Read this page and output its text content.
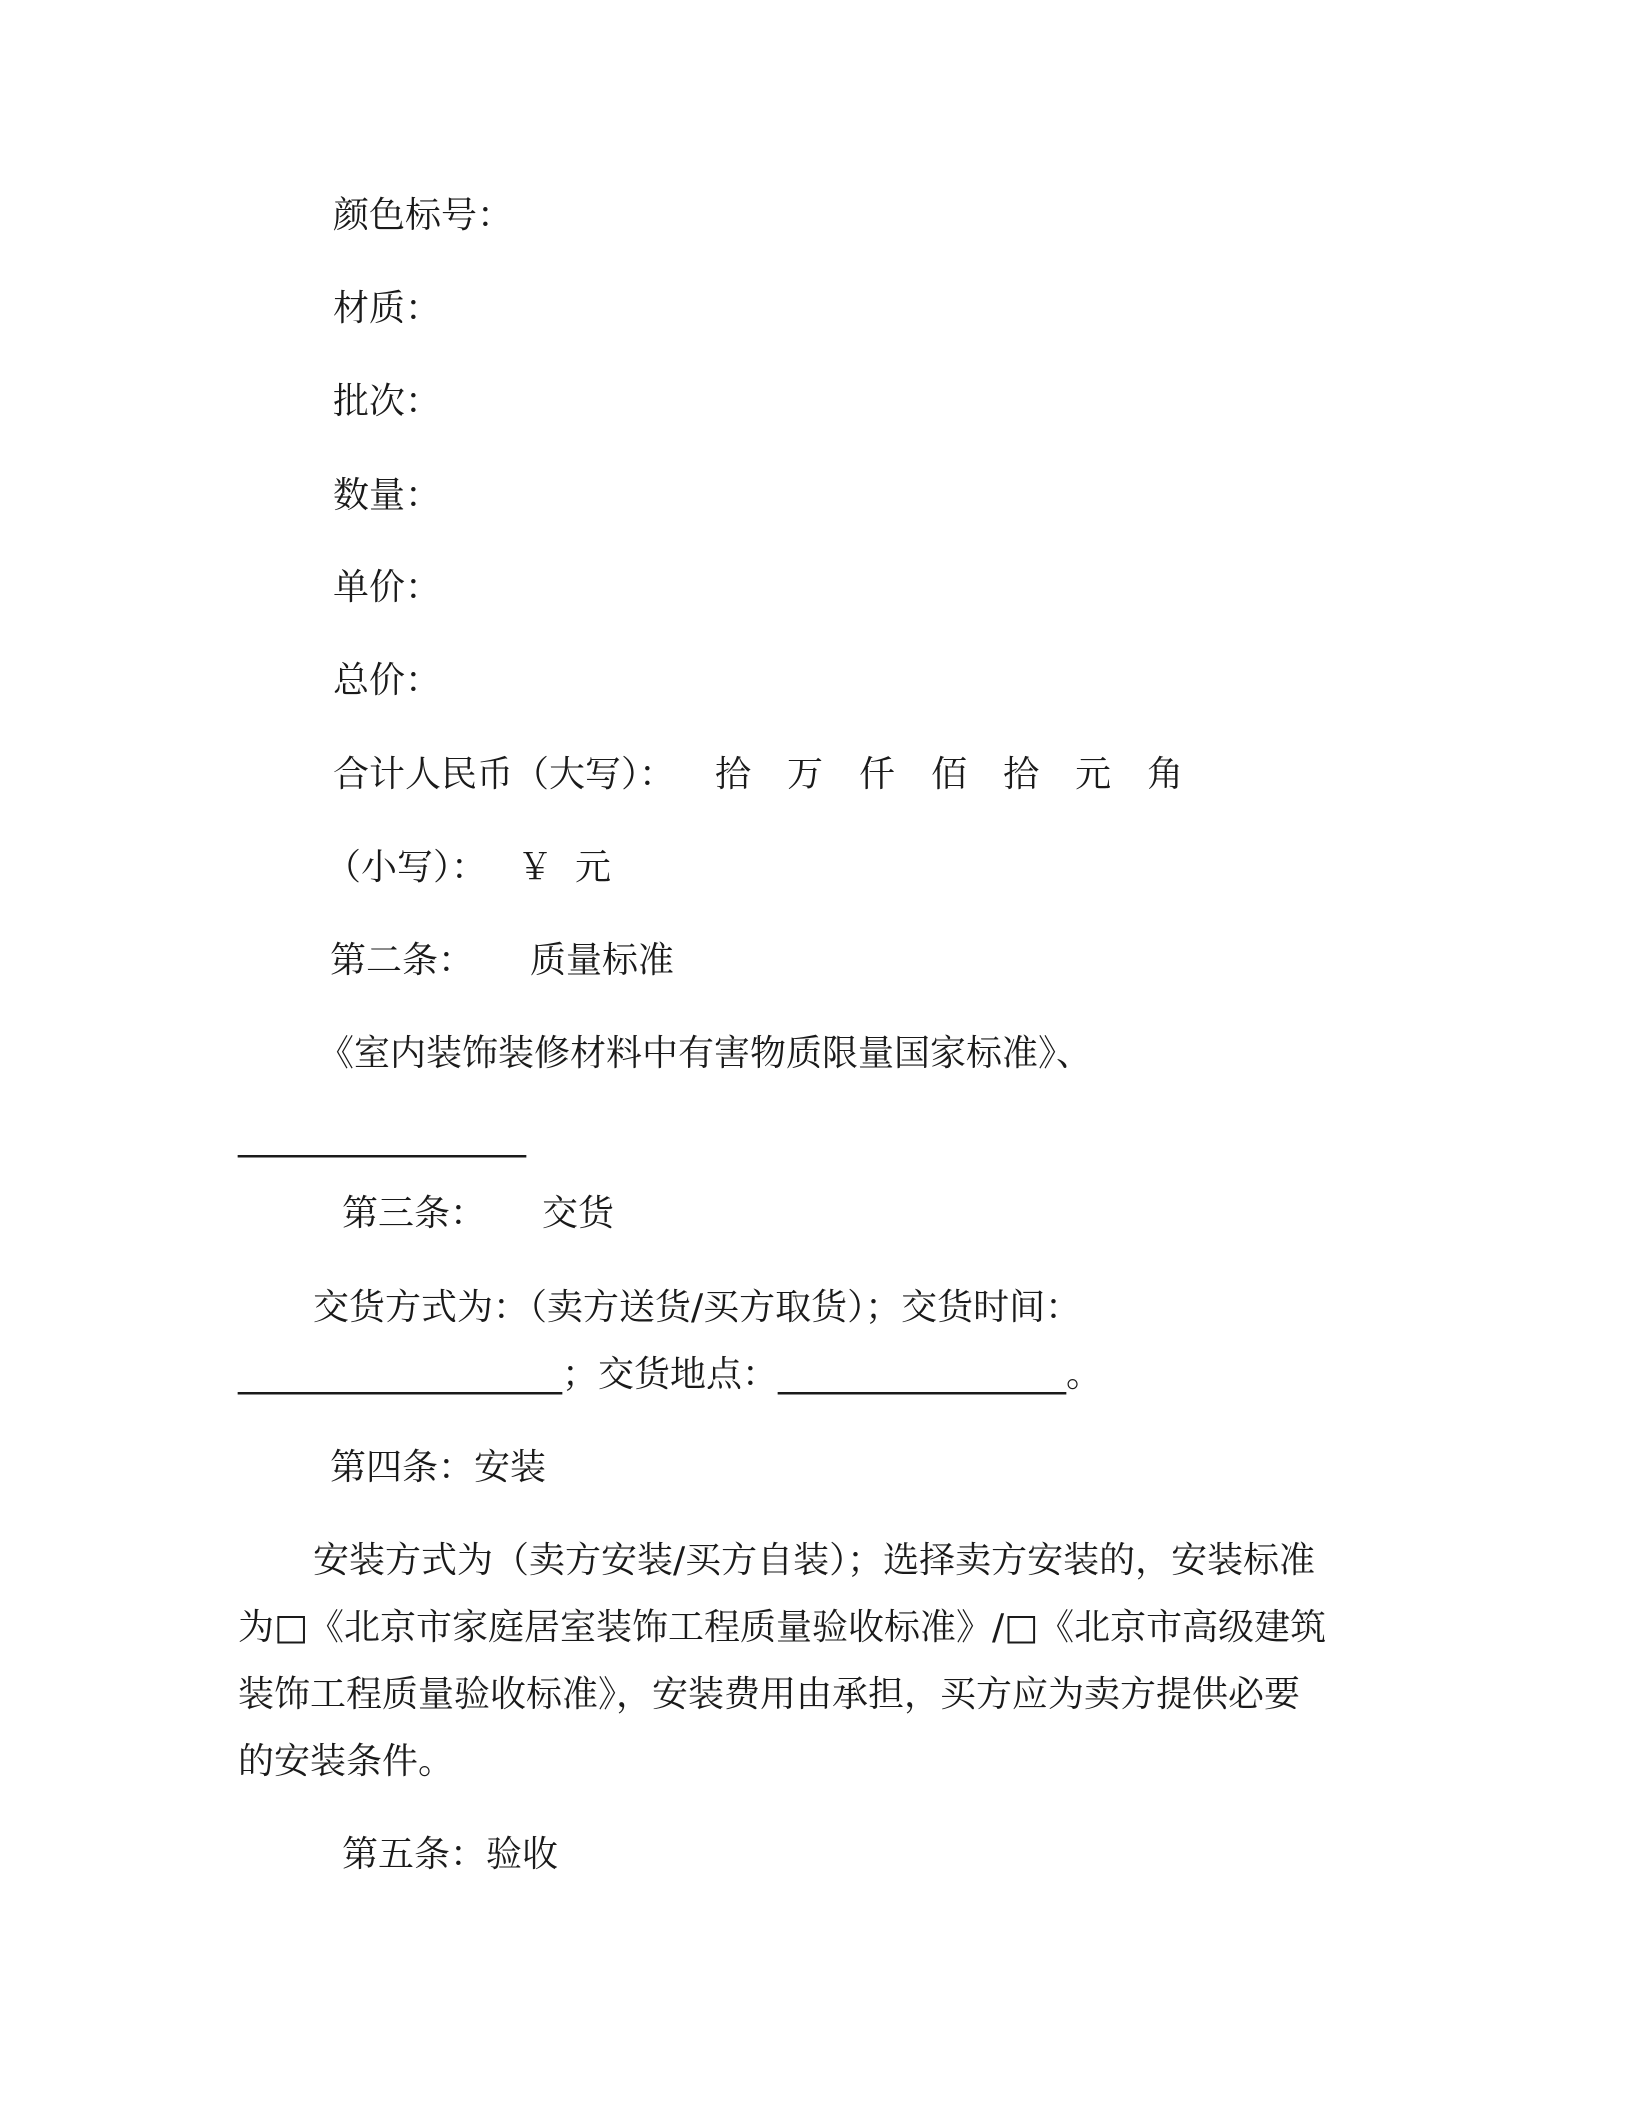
颜色标号：
材质：
批次：
数量：
单价：
总价：
合计人民币（大写）： 拾 万 仟 佰 拾 元 角
（小写）： ￥ 元
第二条： 质量标准
《室内装饰装修材料中有害物质限量国家标准》、
________________
第三条： 交货
交货方式为：（卖方送货/买方取货）；交货时间：
__________________；交货地点：________________。
第四条：安装
安装方式为（卖方安装/买方自装）；选择卖方安装的，安装标准
为□《北京市家庭居室装饰工程质量验收标准》/□《北京市高级建筑
装饰工程质量验收标准》，安装费用由承担，买方应为卖方提供必要
的安装条件。
第五条：验收
